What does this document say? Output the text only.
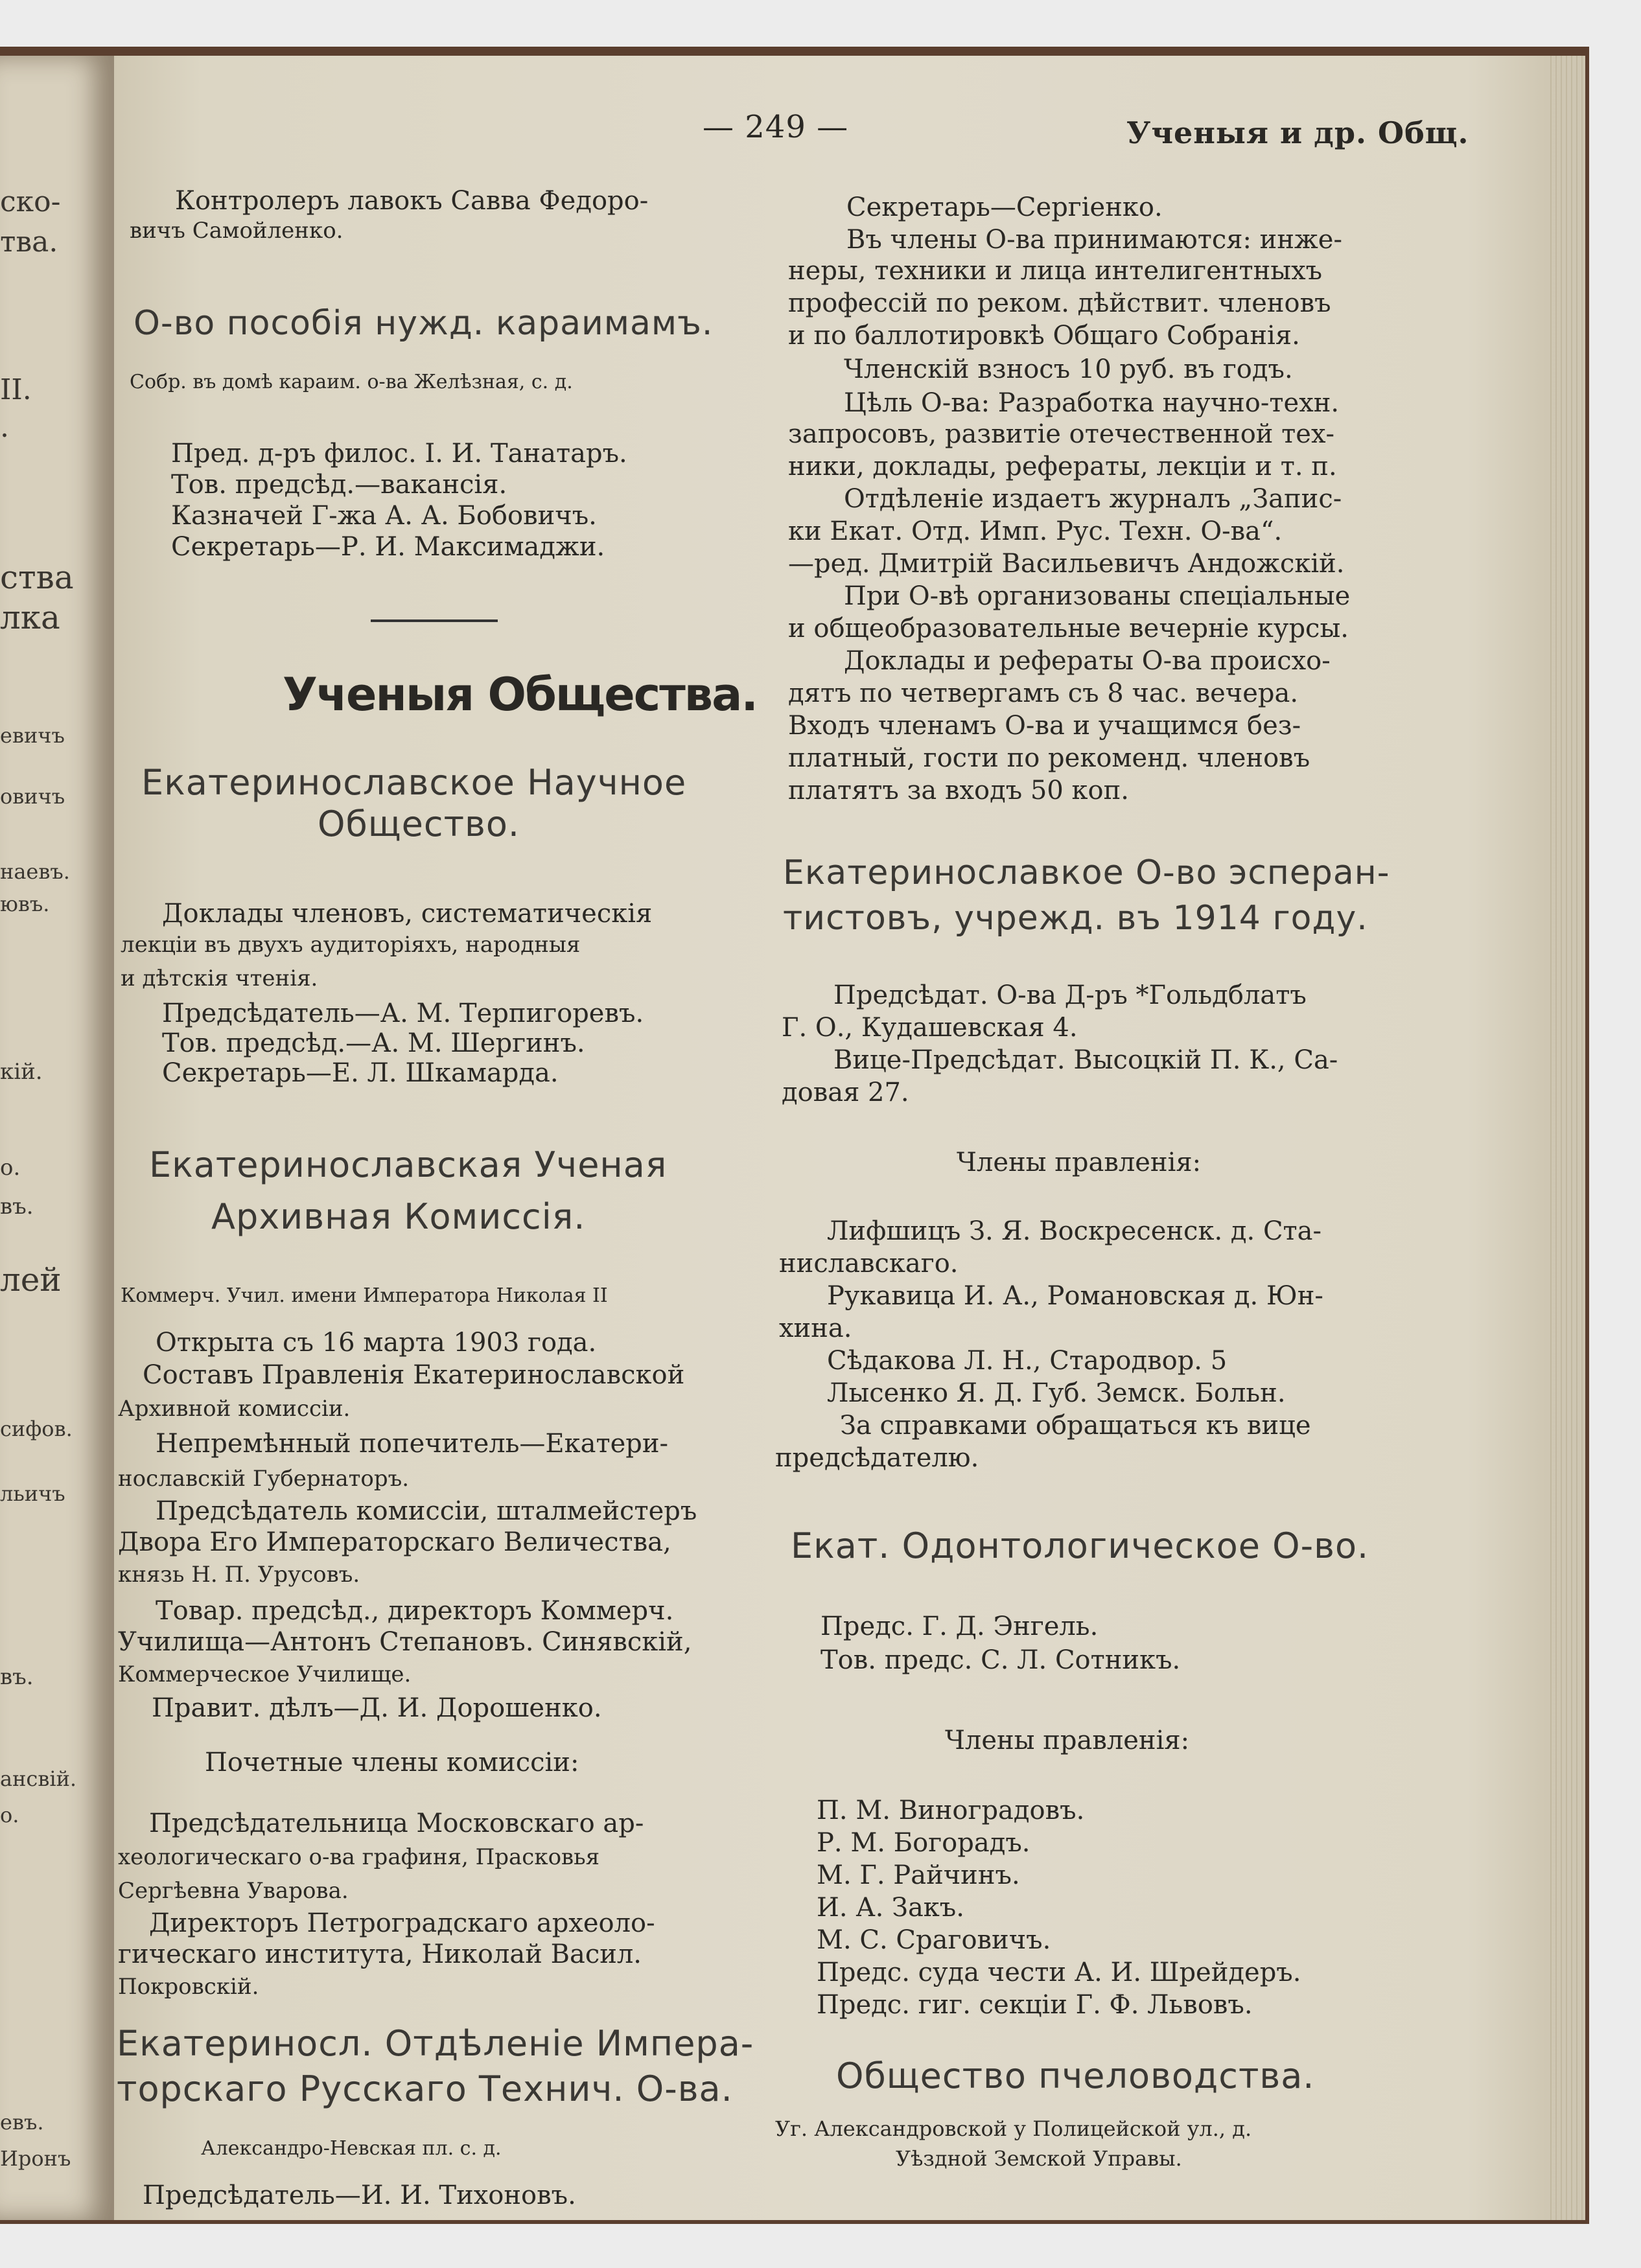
ско-
тва.
II.
.
ства
лка
евичъ
овичъ
наевъ.
ювъ.
кій.
о.
въ.
лей
сифов.
льичъ
въ.
ансвій.
о.
евъ.
Иронъ
— 249 —	Ученыя и др. Общ.
Контролеръ лавокъ Савва Федоро-
вичъ Самойленко.
О-во пособія нужд. караимамъ.
Собр. въ домѣ караим. о-ва Желѣзная, с. д.
Пред. д-ръ филос. І. И. Танатаръ.
Тов. предсѣд.—вакансія.
Казначей Г-жа А. А. Бобовичъ.
Секретарь—Р. И. Максимаджи.
Ученыя Общества.
Екатеринославское Научное
Общество.
Доклады членовъ, систематическія
лекціи въ двухъ аудиторіяхъ, народныя
и дѣтскія чтенія.
Предсѣдатель—А. М. Терпигоревъ.
Тов. предсѣд.—А. М. Шергинъ.
Секретарь—Е. Л. Шкамарда.
Екатеринославская Ученая
Архивная Комиссія.
Коммерч. Учил. имени Императора Николая II
Открыта съ 16 марта 1903 года.
Составъ Правленія Екатеринославской
Архивной комиссіи.
Непремѣнный попечитель—Екатери-
нославскій Губернаторъ.
Предсѣдатель комиссіи, шталмейстеръ
Двора Его Императорскаго Величества,
князь Н. П. Урусовъ.
Товар. предсѣд., директоръ Коммерч.
Училища—Антонъ Степановъ. Синявскій,
Коммерческое Училище.
Правит. дѣлъ—Д. И. Дорошенко.
Почетные члены комиссіи:
Предсѣдательница Московскаго ар-
хеологическаго о-ва графиня, Прасковья
Сергѣевна Уварова.
Директоръ Петроградскаго археоло-
гическаго института, Николай Васил.
Покровскій.
Екатериносл. Отдѣленіе Импера-
торскаго Русскаго Технич. О-ва.
Александро-Невская пл. с. д.
Предсѣдатель—И. И. Тихоновъ.
Секретарь—Сергіенко.
Въ члены О-ва принимаются: инже-
неры, техники и лица интелигентныхъ
профессій по реком. дѣйствит. членовъ
и по баллотировкѣ Общаго Собранія.
Членскій взносъ 10 руб. въ годъ.
Цѣль О-ва: Разработка научно-техн.
запросовъ, развитіе отечественной тех-
ники, доклады, рефераты, лекціи и т. п.
Отдѣленіе издаетъ журналъ „Запис-
ки Екат. Отд. Имп. Рус. Техн. О-ва“.
—ред. Дмитрій Васильевичъ Андожскій.
При О-вѣ организованы спеціальные
и общеобразовательные вечерніе курсы.
Доклады и рефераты О-ва происхо-
дятъ по четвергамъ съ 8 час. вечера.
Входъ членамъ О-ва и учащимся без-
платный, гости по рекоменд. членовъ
платятъ за входъ 50 коп.
Екатеринославкое О-во эсперан-
тистовъ, учрежд. въ 1914 году.
Предсѣдат. О-ва Д-ръ *Гольдблатъ
Г. О., Кудашевская 4.
Вице-Предсѣдат. Высоцкій П. К., Са-
довая 27.
Члены правленія:
Лифшицъ З. Я. Воскресенск. д. Ста-
ниславскаго.
Рукавица И. А., Романовская д. Юн-
хина.
Сѣдакова Л. Н., Стародвор. 5
Лысенко Я. Д. Губ. Земск. Больн.
За справками обращаться къ вице
предсѣдателю.
Екат. Одонтологическое О-во.
Предс. Г. Д. Энгель.
Тов. предс. С. Л. Сотникъ.
Члены правленія:
П. М. Виноградовъ.
Р. М. Богорадъ.
М. Г. Райчинъ.
И. А. Закъ.
М. С. Сраговичъ.
Предс. суда чести А. И. Шрейдеръ.
Предс. гиг. секціи Г. Ф. Львовъ.
Общество пчеловодства.
Уг. Александровской у Полицейской ул., д.
Уѣздной Земской Управы.
